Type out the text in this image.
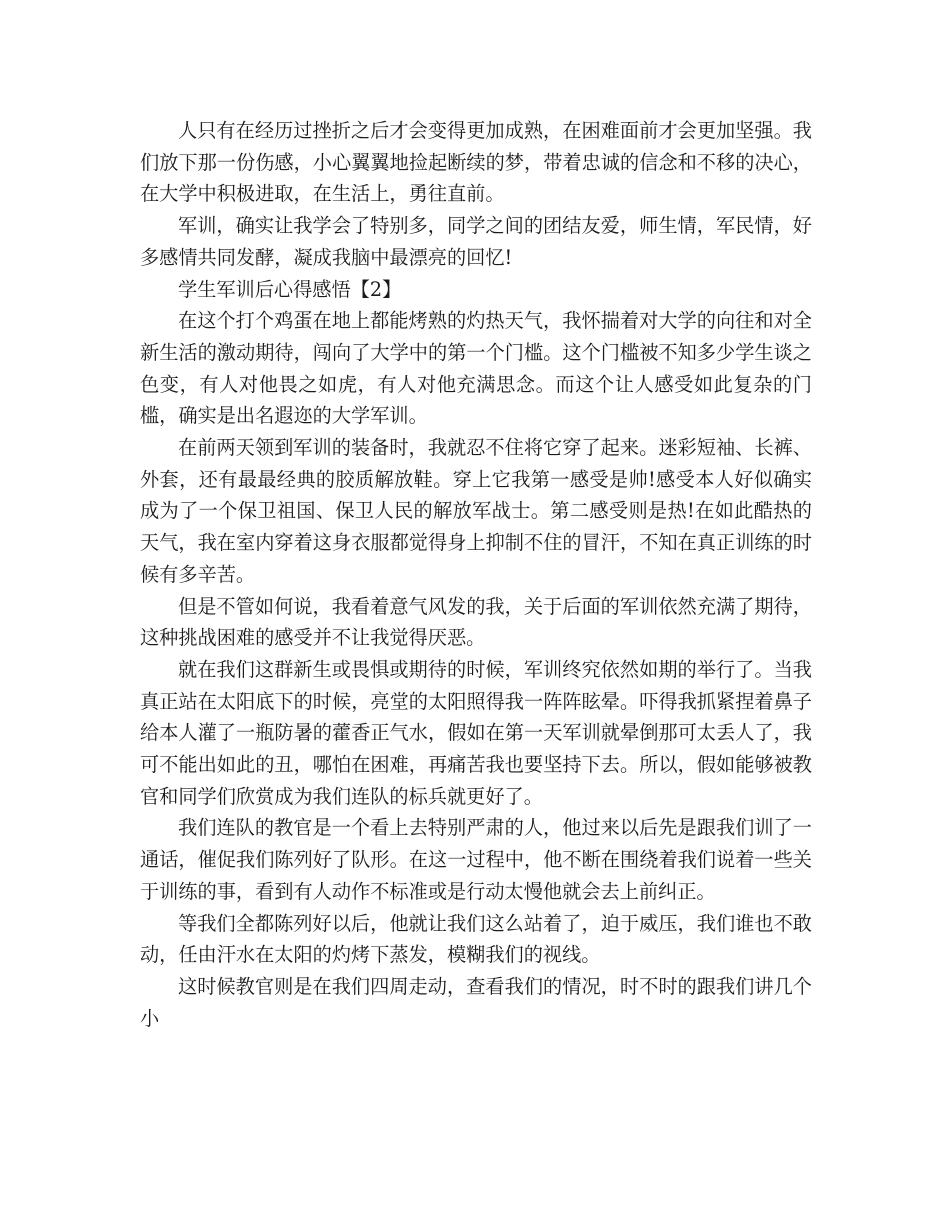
人只有在经历过挫折之后才会变得更加成熟，在困难面前才会更加坚强。我们放下那一份伤感，小心翼翼地捡起断续的梦，带着忠诚的信念和不移的决心，在大学中积极进取，在生活上，勇往直前。

军训，确实让我学会了特别多，同学之间的团结友爱，师生情，军民情，好多感情共同发酵，凝成我脑中最漂亮的回忆!

学生军训后心得感悟【2】

在这个打个鸡蛋在地上都能烤熟的灼热天气，我怀揣着对大学的向往和对全新生活的激动期待，闯向了大学中的第一个门槛。这个门槛被不知多少学生谈之色变，有人对他畏之如虎，有人对他充满思念。而这个让人感受如此复杂的门槛，确实是出名遐迩的大学军训。

在前两天领到军训的装备时，我就忍不住将它穿了起来。迷彩短袖、长裤、外套，还有最最经典的胶质解放鞋。穿上它我第一感受是帅!感受本人好似确实成为了一个保卫祖国、保卫人民的解放军战士。第二感受则是热!在如此酷热的天气，我在室内穿着这身衣服都觉得身上抑制不住的冒汗，不知在真正训练的时候有多辛苦。

但是不管如何说，我看着意气风发的我，关于后面的军训依然充满了期待，这种挑战困难的感受并不让我觉得厌恶。

就在我们这群新生或畏惧或期待的时候，军训终究依然如期的举行了。当我真正站在太阳底下的时候，亮堂的太阳照得我一阵阵眩晕。吓得我抓紧捏着鼻子给本人灌了一瓶防暑的藿香正气水，假如在第一天军训就晕倒那可太丢人了，我可不能出如此的丑，哪怕在困难，再痛苦我也要坚持下去。所以，假如能够被教官和同学们欣赏成为我们连队的标兵就更好了。

我们连队的教官是一个看上去特别严肃的人，他过来以后先是跟我们训了一通话，催促我们陈列好了队形。在这一过程中，他不断在围绕着我们说着一些关于训练的事，看到有人动作不标准或是行动太慢他就会去上前纠正。

等我们全都陈列好以后，他就让我们这么站着了，迫于威压，我们谁也不敢动，任由汗水在太阳的灼烤下蒸发，模糊我们的视线。

这时候教官则是在我们四周走动，查看我们的情况，时不时的跟我们讲几个小
